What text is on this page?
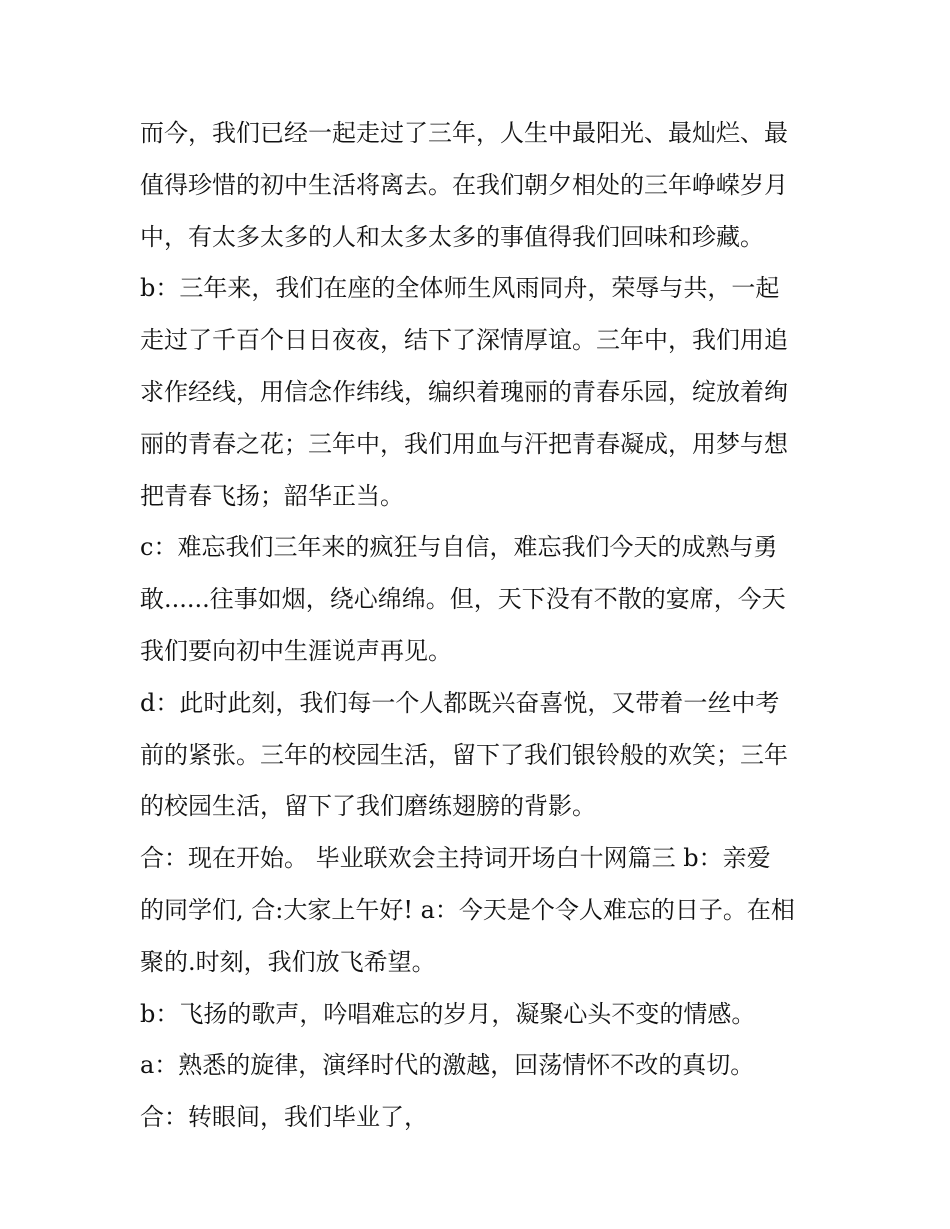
而今，我们已经一起走过了三年，人生中最阳光、最灿烂、最
值得珍惜的初中生活将离去。在我们朝夕相处的三年峥嵘岁月
中，有太多太多的人和太多太多的事值得我们回味和珍藏。
b：三年来，我们在座的全体师生风雨同舟，荣辱与共，一起
走过了千百个日日夜夜，结下了深情厚谊。三年中，我们用追
求作经线，用信念作纬线，编织着瑰丽的青春乐园，绽放着绚
丽的青春之花；三年中，我们用血与汗把青春凝成，用梦与想
把青春飞扬；韶华正当。
c：难忘我们三年来的疯狂与自信，难忘我们今天的成熟与勇
敢......往事如烟，绕心绵绵。但，天下没有不散的宴席，今天
我们要向初中生涯说声再见。
d：此时此刻，我们每一个人都既兴奋喜悦，又带着一丝中考
前的紧张。三年的校园生活，留下了我们银铃般的欢笑；三年
的校园生活，留下了我们磨练翅膀的背影。
合：现在开始。 毕业联欢会主持词开场白十网篇三 b：亲爱
的同学们, 合:大家上午好! a：今天是个令人难忘的日子。在相
聚的.时刻，我们放飞希望。
b：飞扬的歌声，吟唱难忘的岁月，凝聚心头不变的情感。
a：熟悉的旋律，演绎时代的激越，回荡情怀不改的真切。
合：转眼间，我们毕业了，
